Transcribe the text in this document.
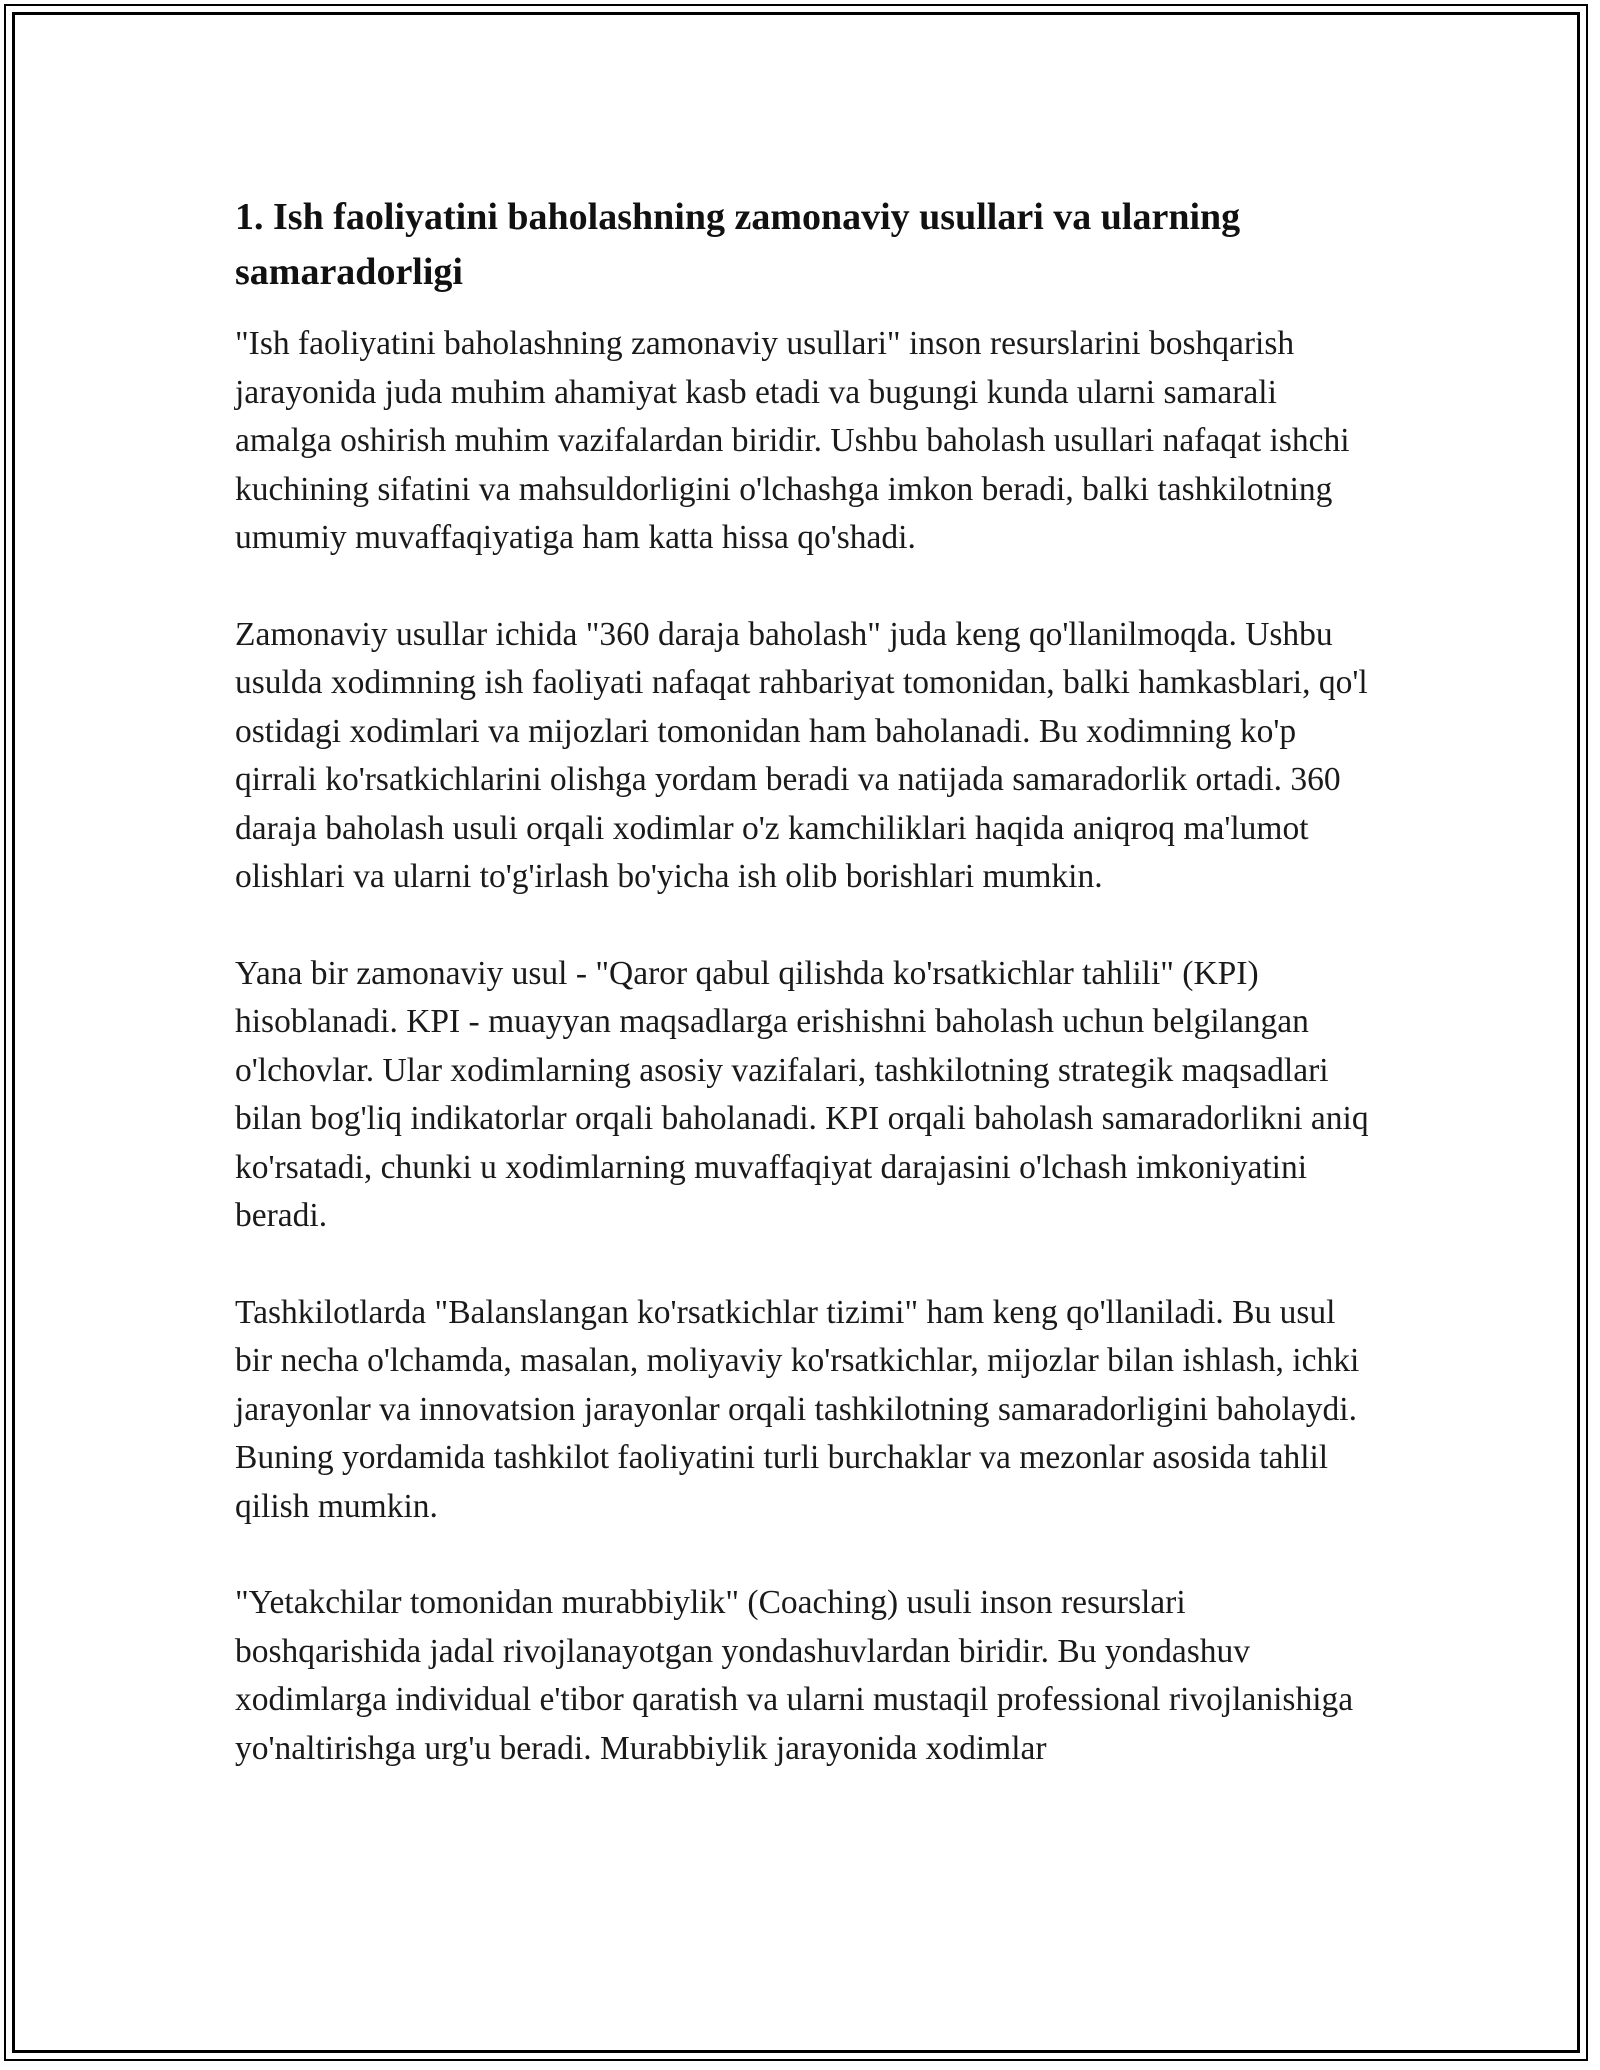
1. Ish faoliyatini baholashning zamonaviy usullari va ularning samaradorligi

"Ish faoliyatini baholashning zamonaviy usullari" inson resurslarini boshqarish jarayonida juda muhim ahamiyat kasb etadi va bugungi kunda ularni samarali amalga oshirish muhim vazifalardan biridir. Ushbu baholash usullari nafaqat ishchi kuchining sifatini va mahsuldorligini o'lchashga imkon beradi, balki tashkilotning umumiy muvaffaqiyatiga ham katta hissa qo'shadi.

Zamonaviy usullar ichida "360 daraja baholash" juda keng qo'llanilmoqda. Ushbu usulda xodimning ish faoliyati nafaqat rahbariyat tomonidan, balki hamkasblari, qo'l ostidagi xodimlari va mijozlari tomonidan ham baholanadi. Bu xodimning ko'p qirrali ko'rsatkichlarini olishga yordam beradi va natijada samaradorlik ortadi. 360 daraja baholash usuli orqali xodimlar o'z kamchiliklari haqida aniqroq ma'lumot olishlari va ularni to'g'irlash bo'yicha ish olib borishlari mumkin.

Yana bir zamonaviy usul - "Qaror qabul qilishda ko'rsatkichlar tahlili" (KPI) hisoblanadi. KPI - muayyan maqsadlarga erishishni baholash uchun belgilangan o'lchovlar. Ular xodimlarning asosiy vazifalari, tashkilotning strategik maqsadlari bilan bog'liq indikatorlar orqali baholanadi. KPI orqali baholash samaradorlikni aniq ko'rsatadi, chunki u xodimlarning muvaffaqiyat darajasini o'lchash imkoniyatini beradi.

Tashkilotlarda "Balanslangan ko'rsatkichlar tizimi" ham keng qo'llaniladi. Bu usul bir necha o'lchamda, masalan, moliyaviy ko'rsatkichlar, mijozlar bilan ishlash, ichki jarayonlar va innovatsion jarayonlar orqali tashkilotning samaradorligini baholaydi. Buning yordamida tashkilot faoliyatini turli burchaklar va mezonlar asosida tahlil qilish mumkin.

"Yetakchilar tomonidan murabbiylik" (Coaching) usuli inson resurslari boshqarishida jadal rivojlanayotgan yondashuvlardan biridir. Bu yondashuv xodimlarga individual e'tibor qaratish va ularni mustaqil professional rivojlanishiga yo'naltirishga urg'u beradi. Murabbiylik jarayonida xodimlar
